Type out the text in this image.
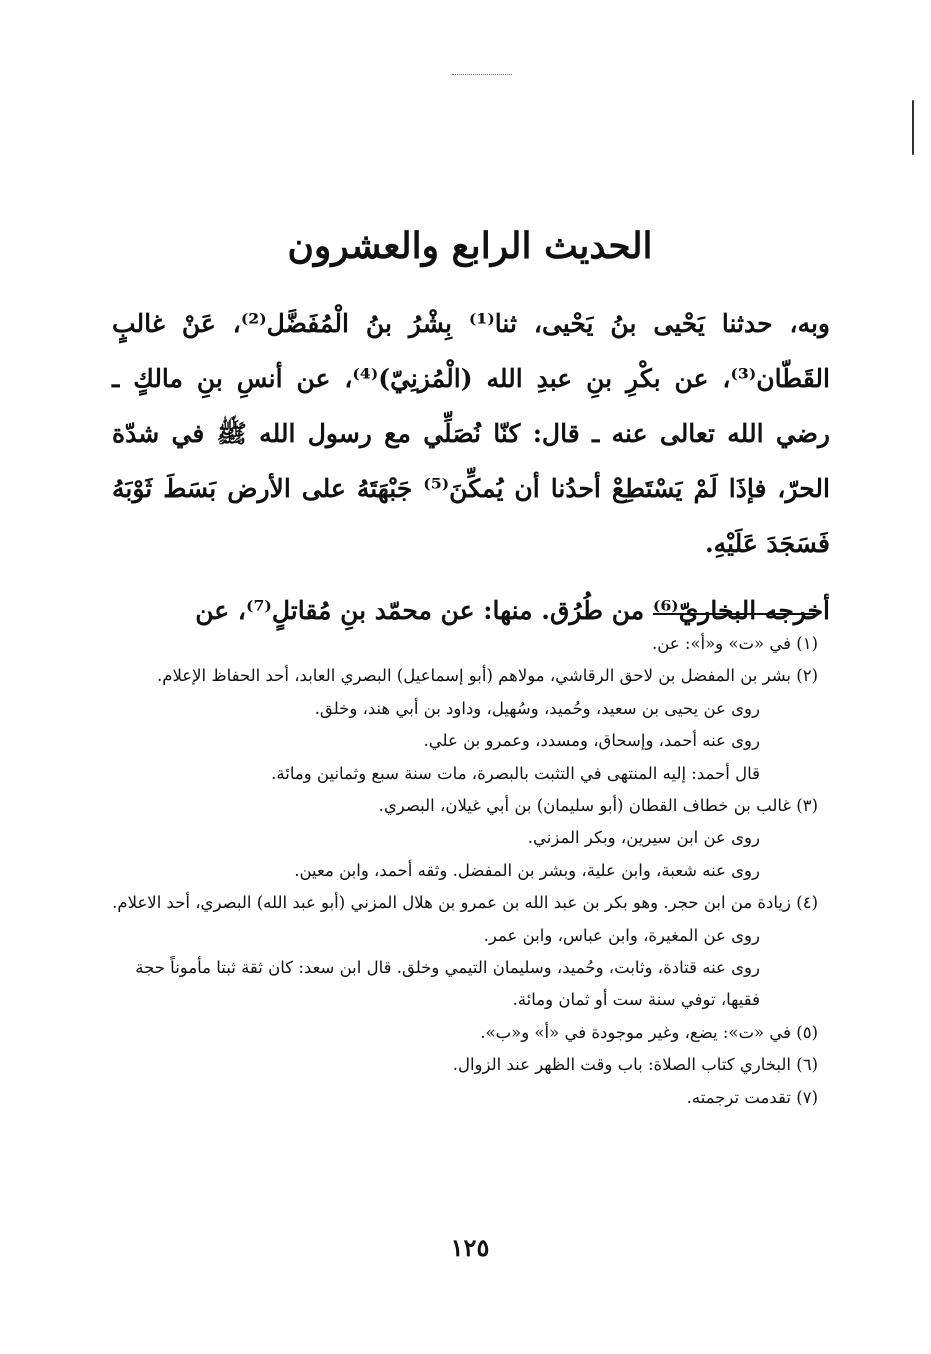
الحديث الرابع والعشرون

وبه، حدثنا يَحْيى بنُ يَحْيى، ثنا⁽¹⁾ بِشْرُ بنُ الْمُفَضَّل⁽²⁾، عَنْ غالبٍ القَطّان⁽³⁾، عن بكْرِ بنِ عبدِ الله (الْمُزنِيّ)⁽⁴⁾، عن أنسِ بنِ مالكٍ ـ رضي الله تعالى عنه ـ قال: كنّا نُصَلِّي مع رسول الله ﷺ في شدّة الحرّ، فإذَا لَمْ يَسْتَطِعْ أحدُنا أن يُمكِّنَ⁽⁵⁾ جَبْهَتَهُ على الأرض بَسَطَ ثَوْبَهُ فَسَجَدَ عَلَيْهِ.

أخرجه البخاريّ⁽⁶⁾ من طُرُق. منها: عن محمّد بنِ مُقاتلٍ⁽⁷⁾، عن

(١) في «ت» و«أ»: عن.

(٢) بشر بن المفضل بن لاحق الرقاشي، مولاهم (أبو إسماعيل) البصري العابد، أحد الحفاظ الإعلام.

روى عن يحيى بن سعيد، وحُميد، وسُهيل، وداود بن أبي هند، وخلق.

روى عنه أحمد، وإسحاق، ومسدد، وعمرو بن علي.

قال أحمد: إليه المنتهى في التثبت بالبصرة، مات سنة سبع وثمانين ومائة.

(٣) غالب بن خطاف القطان (أبو سليمان) بن أبي غيلان، البصري.

روى عن ابن سيرين، وبكر المزني.

روى عنه شعبة، وابن علية، وبشر بن المفضل. وثقه أحمد، وابن معين.

(٤) زيادة من ابن حجر. وهو بكر بن عبد الله بن عمرو بن هلال المزني (أبو عبد الله) البصري، أحد الاعلام.

روى عن المغيرة، وابن عباس، وابن عمر.

روى عنه قتادة، وثابت، وحُميد، وسليمان التيمي وخلق. قال ابن سعد: كان ثقة ثبتا مأموناً حجة فقيها، توفي سنة ست أو ثمان ومائة.

(٥) في «ت»: يضع، وغير موجودة في «أ» و«ب».

(٦) البخاري كتاب الصلاة: باب وقت الظهر عند الزوال.

(٧) تقدمت ترجمته.

١٢٥
